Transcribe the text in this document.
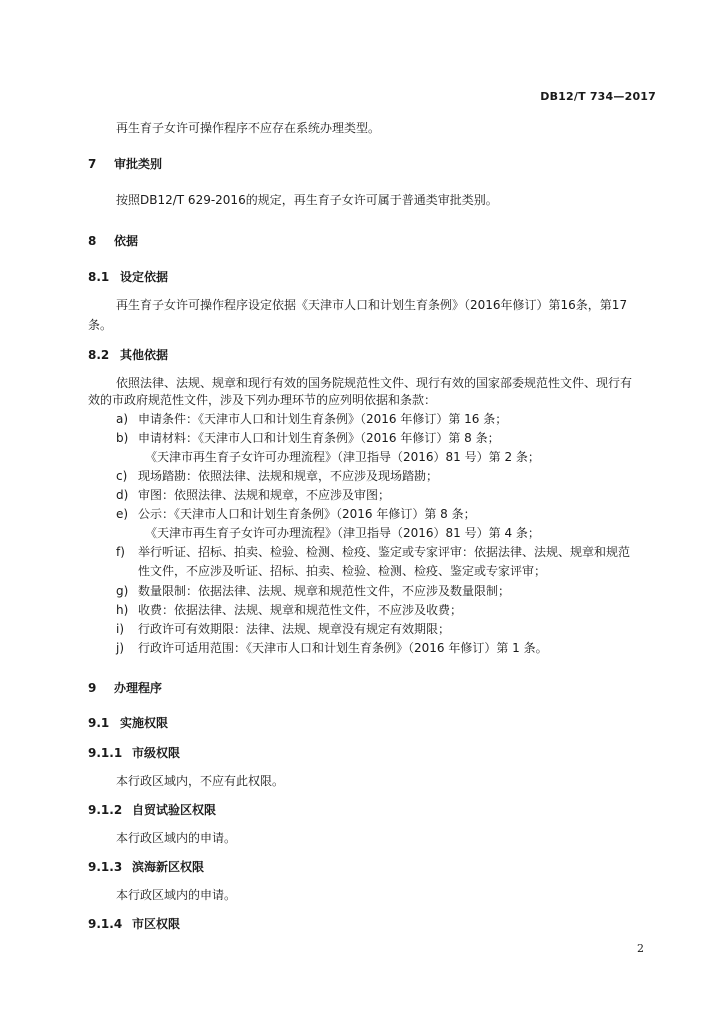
DB12/T 734—2017
再生育子女许可操作程序不应存在系统办理类型。
7 审批类别
按照DB12/T 629-2016的规定，再生育子女许可属于普通类审批类别。
8 依据
8.1 设定依据
再生育子女许可操作程序设定依据《天津市人口和计划生育条例》（2016年修订）第16条，第17
条。
8.2 其他依据
依照法律、法规、规章和现行有效的国务院规范性文件、现行有效的国家部委规范性文件、现行有
效的市政府规范性文件，涉及下列办理环节的应列明依据和条款：
a) 申请条件：《天津市人口和计划生育条例》（2016 年修订）第 16 条；
b) 申请材料：《天津市人口和计划生育条例》（2016 年修订）第 8 条；
《天津市再生育子女许可办理流程》（津卫指导（2016）81 号）第 2 条；
c) 现场踏勘：依照法律、法规和规章，不应涉及现场踏勘；
d) 审图：依照法律、法规和规章，不应涉及审图；
e) 公示：《天津市人口和计划生育条例》（2016 年修订）第 8 条；
《天津市再生育子女许可办理流程》（津卫指导（2016）81 号）第 4 条；
f) 举行听证、招标、拍卖、检验、检测、检疫、鉴定或专家评审：依据法律、法规、规章和规范
性文件，不应涉及听证、招标、拍卖、检验、检测、检疫、鉴定或专家评审；
g) 数量限制：依据法律、法规、规章和规范性文件，不应涉及数量限制；
h) 收费：依据法律、法规、规章和规范性文件，不应涉及收费；
i) 行政许可有效期限：法律、法规、规章没有规定有效期限；
j) 行政许可适用范围：《天津市人口和计划生育条例》（2016 年修订）第 1 条。
9 办理程序
9.1 实施权限
9.1.1 市级权限
本行政区域内，不应有此权限。
9.1.2 自贸试验区权限
本行政区域内的申请。
9.1.3 滨海新区权限
本行政区域内的申请。
9.1.4 市区权限
2
